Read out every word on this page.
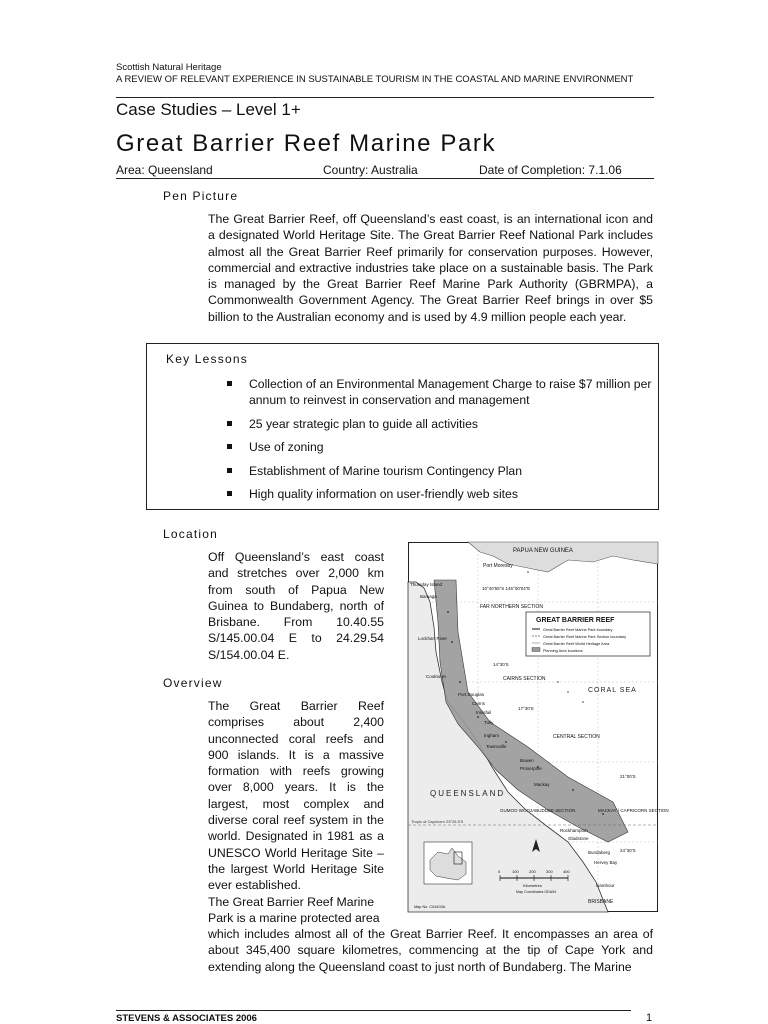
Scottish Natural Heritage
A REVIEW OF RELEVANT EXPERIENCE IN SUSTAINABLE TOURISM IN THE COASTAL AND MARINE ENVIRONMENT
Case Studies – Level 1+
Great Barrier Reef Marine Park
Area: Queensland	Country: Australia	Date of Completion: 7.1.06
Pen Picture
The Great Barrier Reef, off Queensland’s east coast, is an international icon and a designated World Heritage Site. The Great Barrier Reef National Park includes almost all the Great Barrier Reef primarily for conservation purposes. However, commercial and extractive industries take place on a sustainable basis. The Park is managed by the Great Barrier Reef Marine Park Authority (GBRMPA), a Commonwealth Government Agency. The Great Barrier Reef brings in over $5 billion to the Australian economy and is used by 4.9 million people each year.
Key Lessons
Collection of an Environmental Management Charge to raise $7 million per annum to reinvest in conservation and management
25 year strategic plan to guide all activities
Use of zoning
Establishment of Marine tourism Contingency Plan
High quality information on user-friendly web sites
Location
Off Queensland’s east coast and stretches over 2,000 km from south of Papua New Guinea to Bundaberg, north of Brisbane. From 10.40.55 S/145.00.04 E to 24.29.54 S/154.00.04 E.
Overview
The Great Barrier Reef comprises about 2,400 unconnected coral reefs and 900 islands. It is a massive formation with reefs growing over 8,000 years. It is the largest, most complex and diverse coral reef system in the world. Designated in 1981 as a UNESCO World Heritage Site – the largest World Heritage Site ever established.
The Great Barrier Reef Marine Park is a marine protected area
which includes almost all of the Great Barrier Reef. It encompasses an area of about 345,400 square kilometres, commencing at the tip of Cape York and extending along the Queensland coast to just north of Bundaberg. The Marine
PAPUA NEW GUINEA
Port Moresby
Thursday Island
Bamaga
10°40'55"S 145°00'04"E
FAR NORTHERN SECTION
Lockhart River
14°30'S
CAIRNS SECTION
Cooktown
CORAL SEA
Port Douglas
Cairns
17°30'S
Innisfail
Tully
Ingham	CENTRAL SECTION
Townsville
Bowen
Proserpine
21°00'S
Mackay
QUEENSLAND
GUMOO WOOJABUDDEE SECTION	MACKAY / CAPRICORN SECTION
Tropic of Capricorn 23°26.5'S
Rockhampton
Gladstone
24°30'S
Bundaberg
Hervey Bay
Nambour
BRISBANE
GREAT BARRIER REEF
Great Barrier Reef Marine Park boundary
Great Barrier Reef Marine Park Section boundary
Great Barrier Reef World Heritage Area
Planning Area locations
0	100	200	300	400
Kilometres
Map Coordinates GDA94
Map No. C04403A
STEVENS & ASSOCIATES 2006	1
